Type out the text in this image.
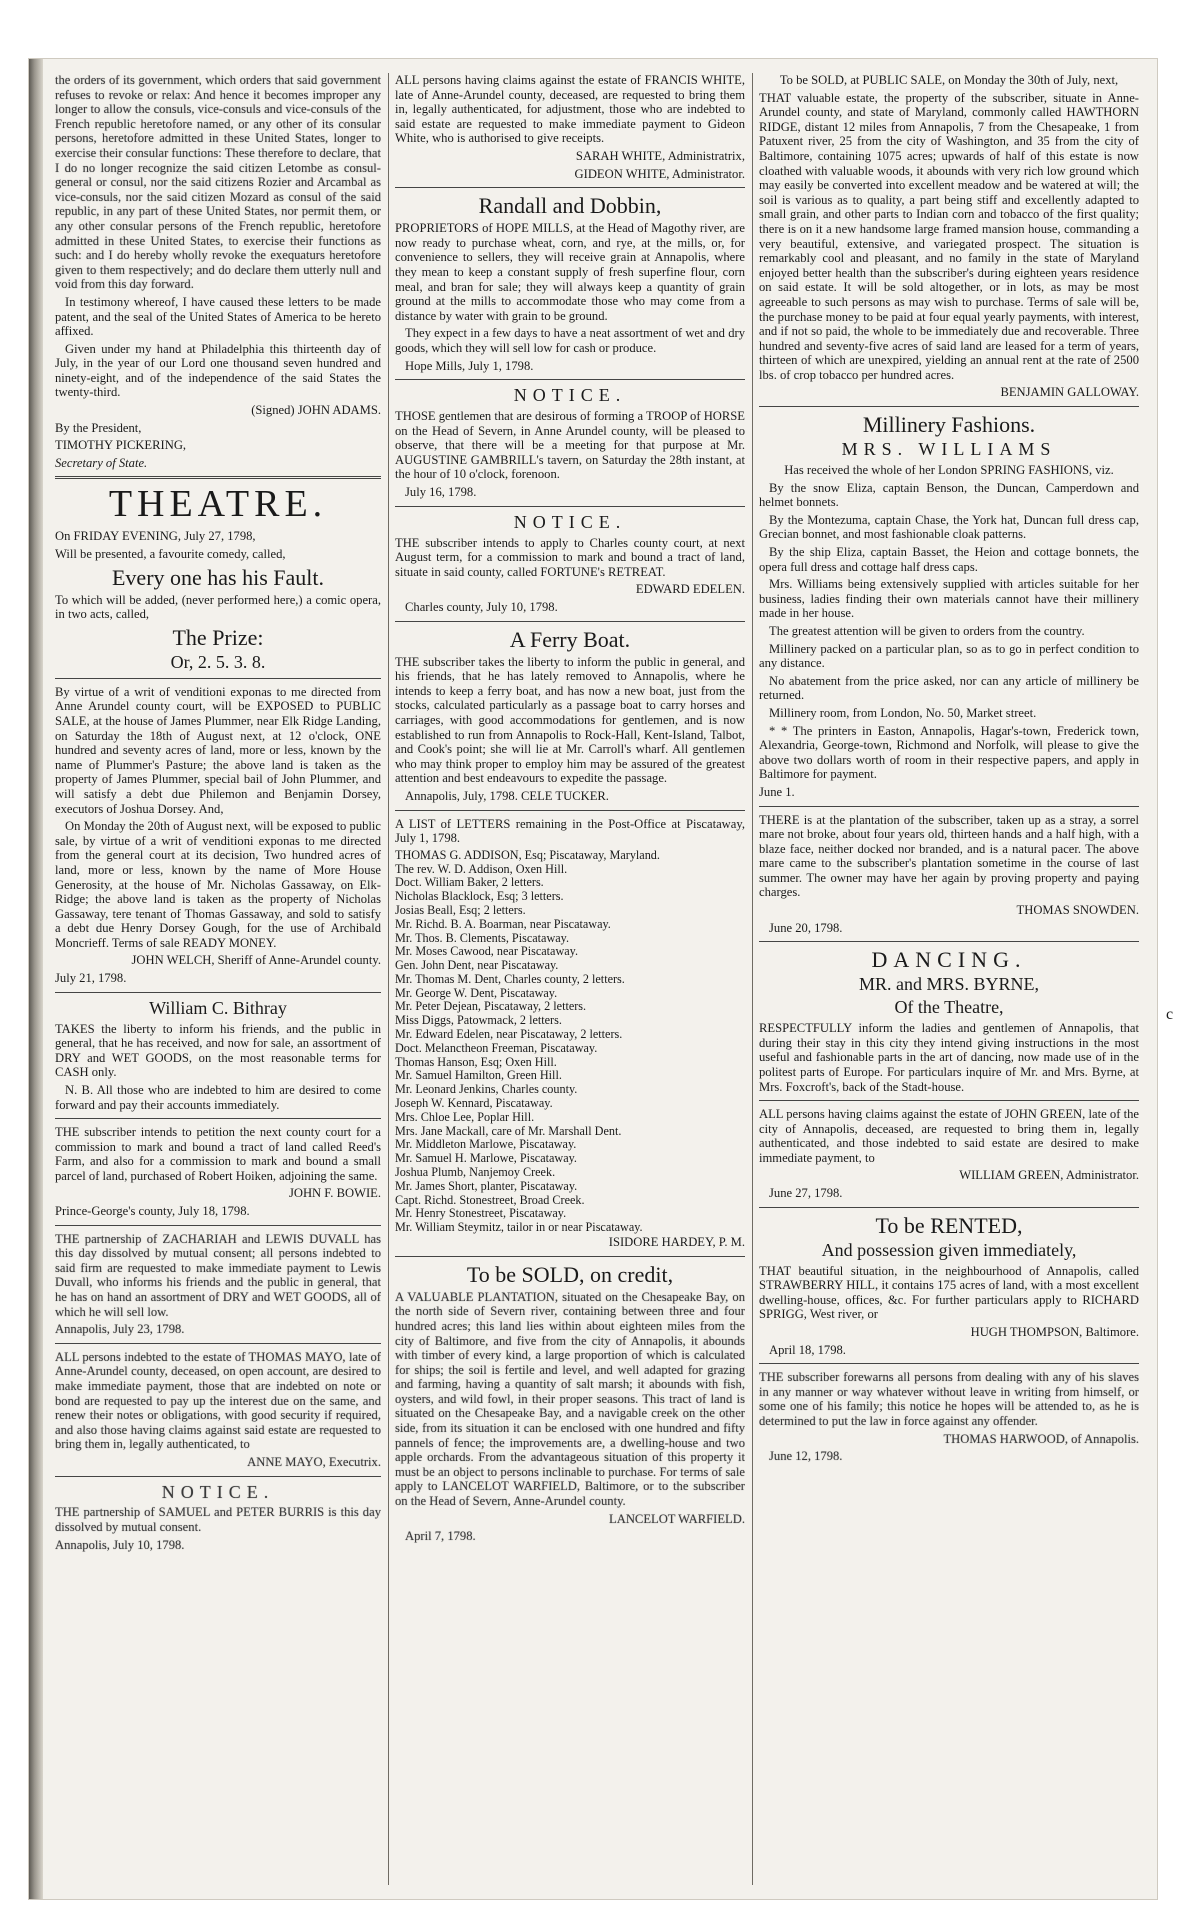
the orders of its government, which orders that said government refuses to revoke or relax: And hence it becomes improper any longer to allow the consuls, vice-consuls and vice-consuls of the French republic heretofore named, or any other of its consular persons, heretofore admitted in these United States, longer to exercise their consular functions: These therefore to declare, that I do no longer recognize the said citizen Letombe as consul-general or consul, nor the said citizens Rozier and Arcambal as vice-consuls, nor the said citizen Mozard as consul of the said republic, in any part of these United States, nor permit them, or any other consular persons of the French republic, heretofore admitted in these United States, to exercise their functions as such: and I do hereby wholly revoke the exequaturs heretofore given to them respectively; and do declare them utterly null and void from this day forward.

In testimony whereof, I have caused these letters to be made patent, and the seal of the United States of America to be hereto affixed.

Given under my hand at Philadelphia this thirteenth day of July, in the year of our Lord one thousand seven hundred and ninety-eight, and of the independence of the said States the twenty-third.

(Signed) JOHN ADAMS.

By the President,

TIMOTHY PICKERING,

Secretary of State.

THEATRE.

On FRIDAY EVENING, July 27, 1798,

Will be presented, a favourite comedy, called,

Every one has his Fault.

To which will be added, (never performed here,) a comic opera, in two acts, called,

The Prize:
Or, 2. 5. 3. 8.

By virtue of a writ of venditioni exponas to me directed from Anne Arundel county court, will be EXPOSED to PUBLIC SALE, at the house of James Plummer, near Elk Ridge Landing, on Saturday the 18th of August next, at 12 o'clock, ONE hundred and seventy acres of land, more or less, known by the name of Plummer's Pasture; the above land is taken as the property of James Plummer, special bail of John Plummer, and will satisfy a debt due Philemon and Benjamin Dorsey, executors of Joshua Dorsey. And,

On Monday the 20th of August next, will be exposed to public sale, by virtue of a writ of venditioni exponas to me directed from the general court at its decision, Two hundred acres of land, more or less, known by the name of More House Generosity, at the house of Mr. Nicholas Gassaway, on Elk-Ridge; the above land is taken as the property of Nicholas Gassaway, tere tenant of Thomas Gassaway, and sold to satisfy a debt due Henry Dorsey Gough, for the use of Archibald Moncrieff. Terms of sale READY MONEY.

JOHN WELCH, Sheriff of Anne-Arundel county.

July 21, 1798.

William C. Bithray

TAKES the liberty to inform his friends, and the public in general, that he has received, and now for sale, an assortment of DRY and WET GOODS, on the most reasonable terms for CASH only.

N. B. All those who are indebted to him are desired to come forward and pay their accounts immediately.

THE subscriber intends to petition the next county court for a commission to mark and bound a tract of land called Reed's Farm, and also for a commission to mark and bound a small parcel of land, purchased of Robert Hoiken, adjoining the same.

JOHN F. BOWIE.

Prince-George's county, July 18, 1798.

THE partnership of ZACHARIAH and LEWIS DUVALL has this day dissolved by mutual consent; all persons indebted to said firm are requested to make immediate payment to Lewis Duvall, who informs his friends and the public in general, that he has on hand an assortment of DRY and WET GOODS, all of which he will sell low.

Annapolis, July 23, 1798.

ALL persons indebted to the estate of THOMAS MAYO, late of Anne-Arundel county, deceased, on open account, are desired to make immediate payment, those that are indebted on note or bond are requested to pay up the interest due on the same, and renew their notes or obligations, with good security if required, and also those having claims against said estate are requested to bring them in, legally authenticated, to

ANNE MAYO, Executrix.

NOTICE.

THE partnership of SAMUEL and PETER BURRIS is this day dissolved by mutual consent.

Annapolis, July 10, 1798.

ALL persons having claims against the estate of FRANCIS WHITE, late of Anne-Arundel county, deceased, are requested to bring them in, legally authenticated, for adjustment, those who are indebted to said estate are requested to make immediate payment to Gideon White, who is authorised to give receipts.

SARAH WHITE, Administratrix,

GIDEON WHITE, Administrator.

Randall and Dobbin,

PROPRIETORS of HOPE MILLS, at the Head of Magothy river, are now ready to purchase wheat, corn, and rye, at the mills, or, for convenience to sellers, they will receive grain at Annapolis, where they mean to keep a constant supply of fresh superfine flour, corn meal, and bran for sale; they will always keep a quantity of grain ground at the mills to accommodate those who may come from a distance by water with grain to be ground.

They expect in a few days to have a neat assortment of wet and dry goods, which they will sell low for cash or produce.

Hope Mills, July 1, 1798.

NOTICE.

THOSE gentlemen that are desirous of forming a TROOP of HORSE on the Head of Severn, in Anne Arundel county, will be pleased to observe, that there will be a meeting for that purpose at Mr. AUGUSTINE GAMBRILL's tavern, on Saturday the 28th instant, at the hour of 10 o'clock, forenoon.

July 16, 1798.

NOTICE.

THE subscriber intends to apply to Charles county court, at next August term, for a commission to mark and bound a tract of land, situate in said county, called FORTUNE's RETREAT.

EDWARD EDELEN.

Charles county, July 10, 1798.

A Ferry Boat.

THE subscriber takes the liberty to inform the public in general, and his friends, that he has lately removed to Annapolis, where he intends to keep a ferry boat, and has now a new boat, just from the stocks, calculated particularly as a passage boat to carry horses and carriages, with good accommodations for gentlemen, and is now established to run from Annapolis to Rock-Hall, Kent-Island, Talbot, and Cook's point; she will lie at Mr. Carroll's wharf. All gentlemen who may think proper to employ him may be assured of the greatest attention and best endeavours to expedite the passage.

Annapolis, July, 1798. CELE TUCKER.

A LIST of LETTERS remaining in the Post-Office at Piscataway, July 1, 1798.

THOMAS G. ADDISON, Esq; Piscataway, Maryland.
The rev. W. D. Addison, Oxen Hill.
Doct. William Baker, 2 letters.
Nicholas Blacklock, Esq; 3 letters.
Josias Beall, Esq; 2 letters.
Mr. Richd. B. A. Boarman, near Piscataway.
Mr. Thos. B. Clements, Piscataway.
Mr. Moses Cawood, near Piscataway.
Gen. John Dent, near Piscataway.
Mr. Thomas M. Dent, Charles county, 2 letters.
Mr. George W. Dent, Piscataway.
Mr. Peter Dejean, Piscataway, 2 letters.
Miss Diggs, Patowmack, 2 letters.
Mr. Edward Edelen, near Piscataway, 2 letters.
Doct. Melanctheon Freeman, Piscataway.
Thomas Hanson, Esq; Oxen Hill.
Mr. Samuel Hamilton, Green Hill.
Mr. Leonard Jenkins, Charles county.
Joseph W. Kennard, Piscataway.
Mrs. Chloe Lee, Poplar Hill.
Mrs. Jane Mackall, care of Mr. Marshall Dent.
Mr. Middleton Marlowe, Piscataway.
Mr. Samuel H. Marlowe, Piscataway.
Joshua Plumb, Nanjemoy Creek.
Mr. James Short, planter, Piscataway.
Capt. Richd. Stonestreet, Broad Creek.
Mr. Henry Stonestreet, Piscataway.
Mr. William Steymitz, tailor in or near Piscataway.

ISIDORE HARDEY, P. M.

To be SOLD, on credit,

A VALUABLE PLANTATION, situated on the Chesapeake Bay, on the north side of Severn river, containing between three and four hundred acres; this land lies within about eighteen miles from the city of Baltimore, and five from the city of Annapolis, it abounds with timber of every kind, a large proportion of which is calculated for ships; the soil is fertile and level, and well adapted for grazing and farming, having a quantity of salt marsh; it abounds with fish, oysters, and wild fowl, in their proper seasons. This tract of land is situated on the Chesapeake Bay, and a navigable creek on the other side, from its situation it can be enclosed with one hundred and fifty pannels of fence; the improvements are, a dwelling-house and two apple orchards. From the advantageous situation of this property it must be an object to persons inclinable to purchase. For terms of sale apply to LANCELOT WARFIELD, Baltimore, or to the subscriber on the Head of Severn, Anne-Arundel county.

LANCELOT WARFIELD.

April 7, 1798.

To be SOLD, at PUBLIC SALE, on Monday the 30th of July, next,

THAT valuable estate, the property of the subscriber, situate in Anne-Arundel county, and state of Maryland, commonly called HAWTHORN RIDGE, distant 12 miles from Annapolis, 7 from the Chesapeake, 1 from Patuxent river, 25 from the city of Washington, and 35 from the city of Baltimore, containing 1075 acres; upwards of half of this estate is now cloathed with valuable woods, it abounds with very rich low ground which may easily be converted into excellent meadow and be watered at will; the soil is various as to quality, a part being stiff and excellently adapted to small grain, and other parts to Indian corn and tobacco of the first quality; there is on it a new handsome large framed mansion house, commanding a very beautiful, extensive, and variegated prospect. The situation is remarkably cool and pleasant, and no family in the state of Maryland enjoyed better health than the subscriber's during eighteen years residence on said estate. It will be sold altogether, or in lots, as may be most agreeable to such persons as may wish to purchase. Terms of sale will be, the purchase money to be paid at four equal yearly payments, with interest, and if not so paid, the whole to be immediately due and recoverable. Three hundred and seventy-five acres of said land are leased for a term of years, thirteen of which are unexpired, yielding an annual rent at the rate of 2500 lbs. of crop tobacco per hundred acres.

BENJAMIN GALLOWAY.

Millinery Fashions.
MRS. WILLIAMS

Has received the whole of her London SPRING FASHIONS, viz.

By the snow Eliza, captain Benson, the Duncan, Camperdown and helmet bonnets.

By the Montezuma, captain Chase, the York hat, Duncan full dress cap, Grecian bonnet, and most fashionable cloak patterns.

By the ship Eliza, captain Basset, the Heion and cottage bonnets, the opera full dress and cottage half dress caps.

Mrs. Williams being extensively supplied with articles suitable for her business, ladies finding their own materials cannot have their millinery made in her house.

The greatest attention will be given to orders from the country.

Millinery packed on a particular plan, so as to go in perfect condition to any distance.

No abatement from the price asked, nor can any article of millinery be returned.

Millinery room, from London, No. 50, Market street.

* * The printers in Easton, Annapolis, Hagar's-town, Frederick town, Alexandria, George-town, Richmond and Norfolk, will please to give the above two dollars worth of room in their respective papers, and apply in Baltimore for payment.

June 1.

THERE is at the plantation of the subscriber, taken up as a stray, a sorrel mare not broke, about four years old, thirteen hands and a half high, with a blaze face, neither docked nor branded, and is a natural pacer. The above mare came to the subscriber's plantation sometime in the course of last summer. The owner may have her again by proving property and paying charges.

THOMAS SNOWDEN.

June 20, 1798.

DANCING.
MR. and MRS. BYRNE,
Of the Theatre,

RESPECTFULLY inform the ladies and gentlemen of Annapolis, that during their stay in this city they intend giving instructions in the most useful and fashionable parts in the art of dancing, now made use of in the politest parts of Europe. For particulars inquire of Mr. and Mrs. Byrne, at Mrs. Foxcroft's, back of the Stadt-house.

ALL persons having claims against the estate of JOHN GREEN, late of the city of Annapolis, deceased, are requested to bring them in, legally authenticated, and those indebted to said estate are desired to make immediate payment, to

WILLIAM GREEN, Administrator.

June 27, 1798.

To be RENTED,
And possession given immediately,

THAT beautiful situation, in the neighbourhood of Annapolis, called STRAWBERRY HILL, it contains 175 acres of land, with a most excellent dwelling-house, offices, &c. For further particulars apply to RICHARD SPRIGG, West river, or

HUGH THOMPSON, Baltimore.

April 18, 1798.

THE subscriber forewarns all persons from dealing with any of his slaves in any manner or way whatever without leave in writing from himself, or some one of his family; this notice he hopes will be attended to, as he is determined to put the law in force against any offender.

THOMAS HARWOOD, of Annapolis.

June 12, 1798.

c
